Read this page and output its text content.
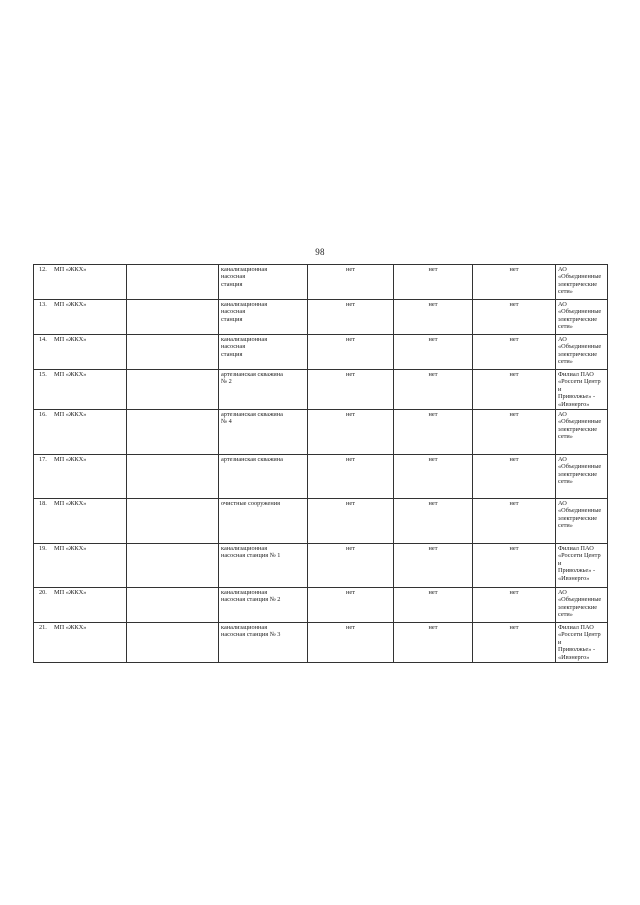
98
12. МП «ЖКХ»		канализационная
насосная
станция	нет	нет	нет	АО
«Объединенные
электрические
сети»
13. МП «ЖКХ»		канализационная
насосная
станция	нет	нет	нет	АО
«Объединенные
электрические
сети»
14. МП «ЖКХ»		канализационная
насосная
станция	нет	нет	нет	АО
«Объединенные
электрические
сети»
15. МП «ЖКХ»		артезианская скважина
№ 2	нет	нет	нет	Филиал ПАО
«Россети Центр и
Приволжье» -
«Ивэнерго»
16. МП «ЖКХ»		артезианская скважина
№ 4	нет	нет	нет	АО
«Объединенные
электрические
сети»
17. МП «ЖКХ»		артезианская скважина	нет	нет	нет	АО
«Объединенные
электрические
сети»
18. МП «ЖКХ»		очистные сооружения	нет	нет	нет	АО
«Объединенные
электрические
сети»
19. МП «ЖКХ»		канализационная
насосная станция № 1	нет	нет	нет	Филиал ПАО
«Россети Центр и
Приволжье» -
«Ивэнерго»
20. МП «ЖКХ»		канализационная
насосная станция № 2	нет	нет	нет	АО
«Объединенные
электрические
сети»
21. МП «ЖКХ»		канализационная
насосная станция № 3	нет	нет	нет	Филиал ПАО
«Россети Центр и
Приволжье» -
«Ивэнерго»
